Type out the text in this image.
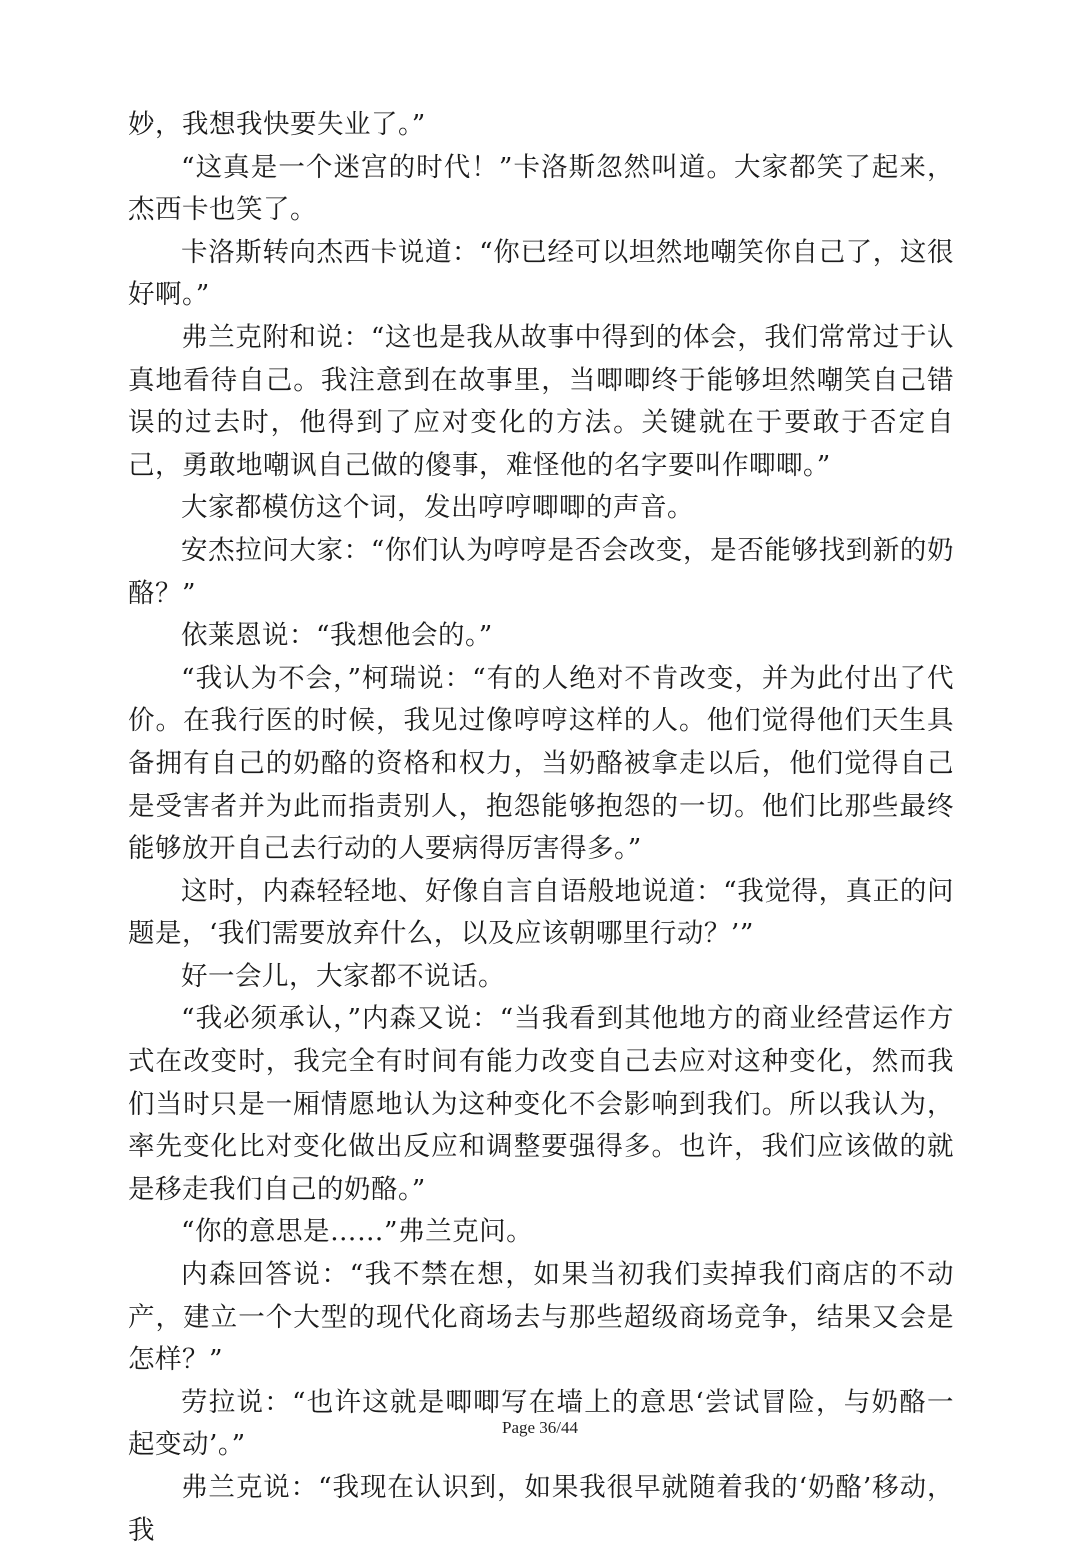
妙，我想我快要失业了。”

“这真是一个迷宫的时代！”卡洛斯忽然叫道。大家都笑了起来，杰西卡也笑了。

卡洛斯转向杰西卡说道：“你已经可以坦然地嘲笑你自己了，这很好啊。”

弗兰克附和说：“这也是我从故事中得到的体会，我们常常过于认真地看待自己。我注意到在故事里，当唧唧终于能够坦然嘲笑自己错误的过去时，他得到了应对变化的方法。关键就在于要敢于否定自己，勇敢地嘲讽自己做的傻事，难怪他的名字要叫作唧唧。”

大家都模仿这个词，发出哼哼唧唧的声音。

安杰拉问大家：“你们认为哼哼是否会改变，是否能够找到新的奶酪？”

依莱恩说：“我想他会的。”

“我认为不会，”柯瑞说：“有的人绝对不肯改变，并为此付出了代价。在我行医的时候，我见过像哼哼这样的人。他们觉得他们天生具备拥有自己的奶酪的资格和权力，当奶酪被拿走以后，他们觉得自己是受害者并为此而指责别人，抱怨能够抱怨的一切。他们比那些最终能够放开自己去行动的人要病得厉害得多。”

这时，内森轻轻地、好像自言自语般地说道：“我觉得，真正的问题是，‘我们需要放弃什么，以及应该朝哪里行动？’”

好一会儿，大家都不说话。

“我必须承认，”内森又说：“当我看到其他地方的商业经营运作方式在改变时，我完全有时间有能力改变自己去应对这种变化，然而我们当时只是一厢情愿地认为这种变化不会影响到我们。所以我认为，率先变化比对变化做出反应和调整要强得多。也许，我们应该做的就是移走我们自己的奶酪。”

“你的意思是……”弗兰克问。

内森回答说：“我不禁在想，如果当初我们卖掉我们商店的不动产，建立一个大型的现代化商场去与那些超级商场竞争，结果又会是怎样？”

劳拉说：“也许这就是唧唧写在墙上的意思‘尝试冒险，与奶酪一起变动’。”

弗兰克说：“我现在认识到，如果我很早就随着我的‘奶酪’移动，我

Page 36/44
